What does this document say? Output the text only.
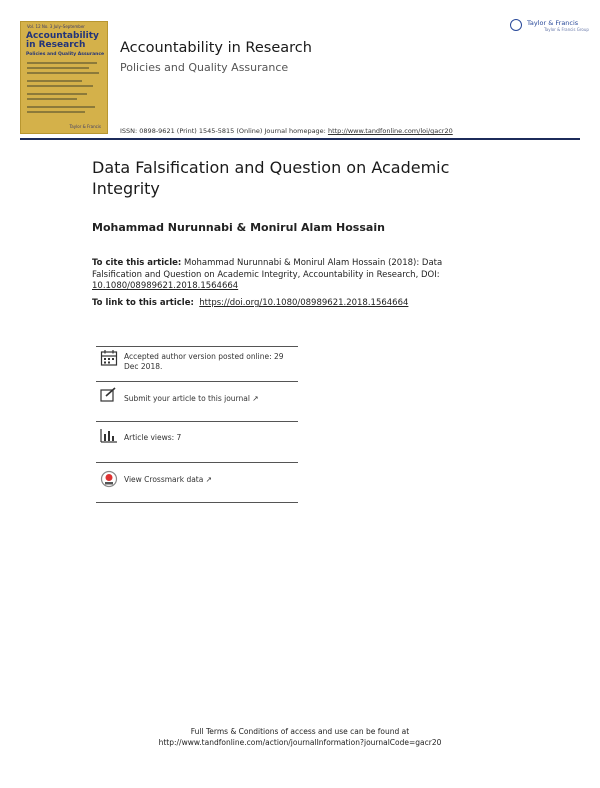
Vol. 12 No. 3 July–September
Accountability in Research
Policies and Quality Assurance
Taylor & Francis
Accountability in Research
Policies and Quality Assurance
ISSN: 0898-9621 (Print) 1545-5815 (Online) Journal homepage: http://www.tandfonline.com/loi/gacr20
Taylor & Francis
Taylor & Francis Group
Data Falsification and Question on Academic Integrity
Mohammad Nurunnabi & Monirul Alam Hossain
To cite this article: Mohammad Nurunnabi & Monirul Alam Hossain (2018): Data Falsification and Question on Academic Integrity, Accountability in Research, DOI: 10.1080/08989621.2018.1564664
To link to this article: https://doi.org/10.1080/08989621.2018.1564664
Accepted author version posted online: 29 Dec 2018.
Submit your article to this journal ↗
Article views: 7
View Crossmark data ↗
Full Terms & Conditions of access and use can be found at
http://www.tandfonline.com/action/journalInformation?journalCode=gacr20
